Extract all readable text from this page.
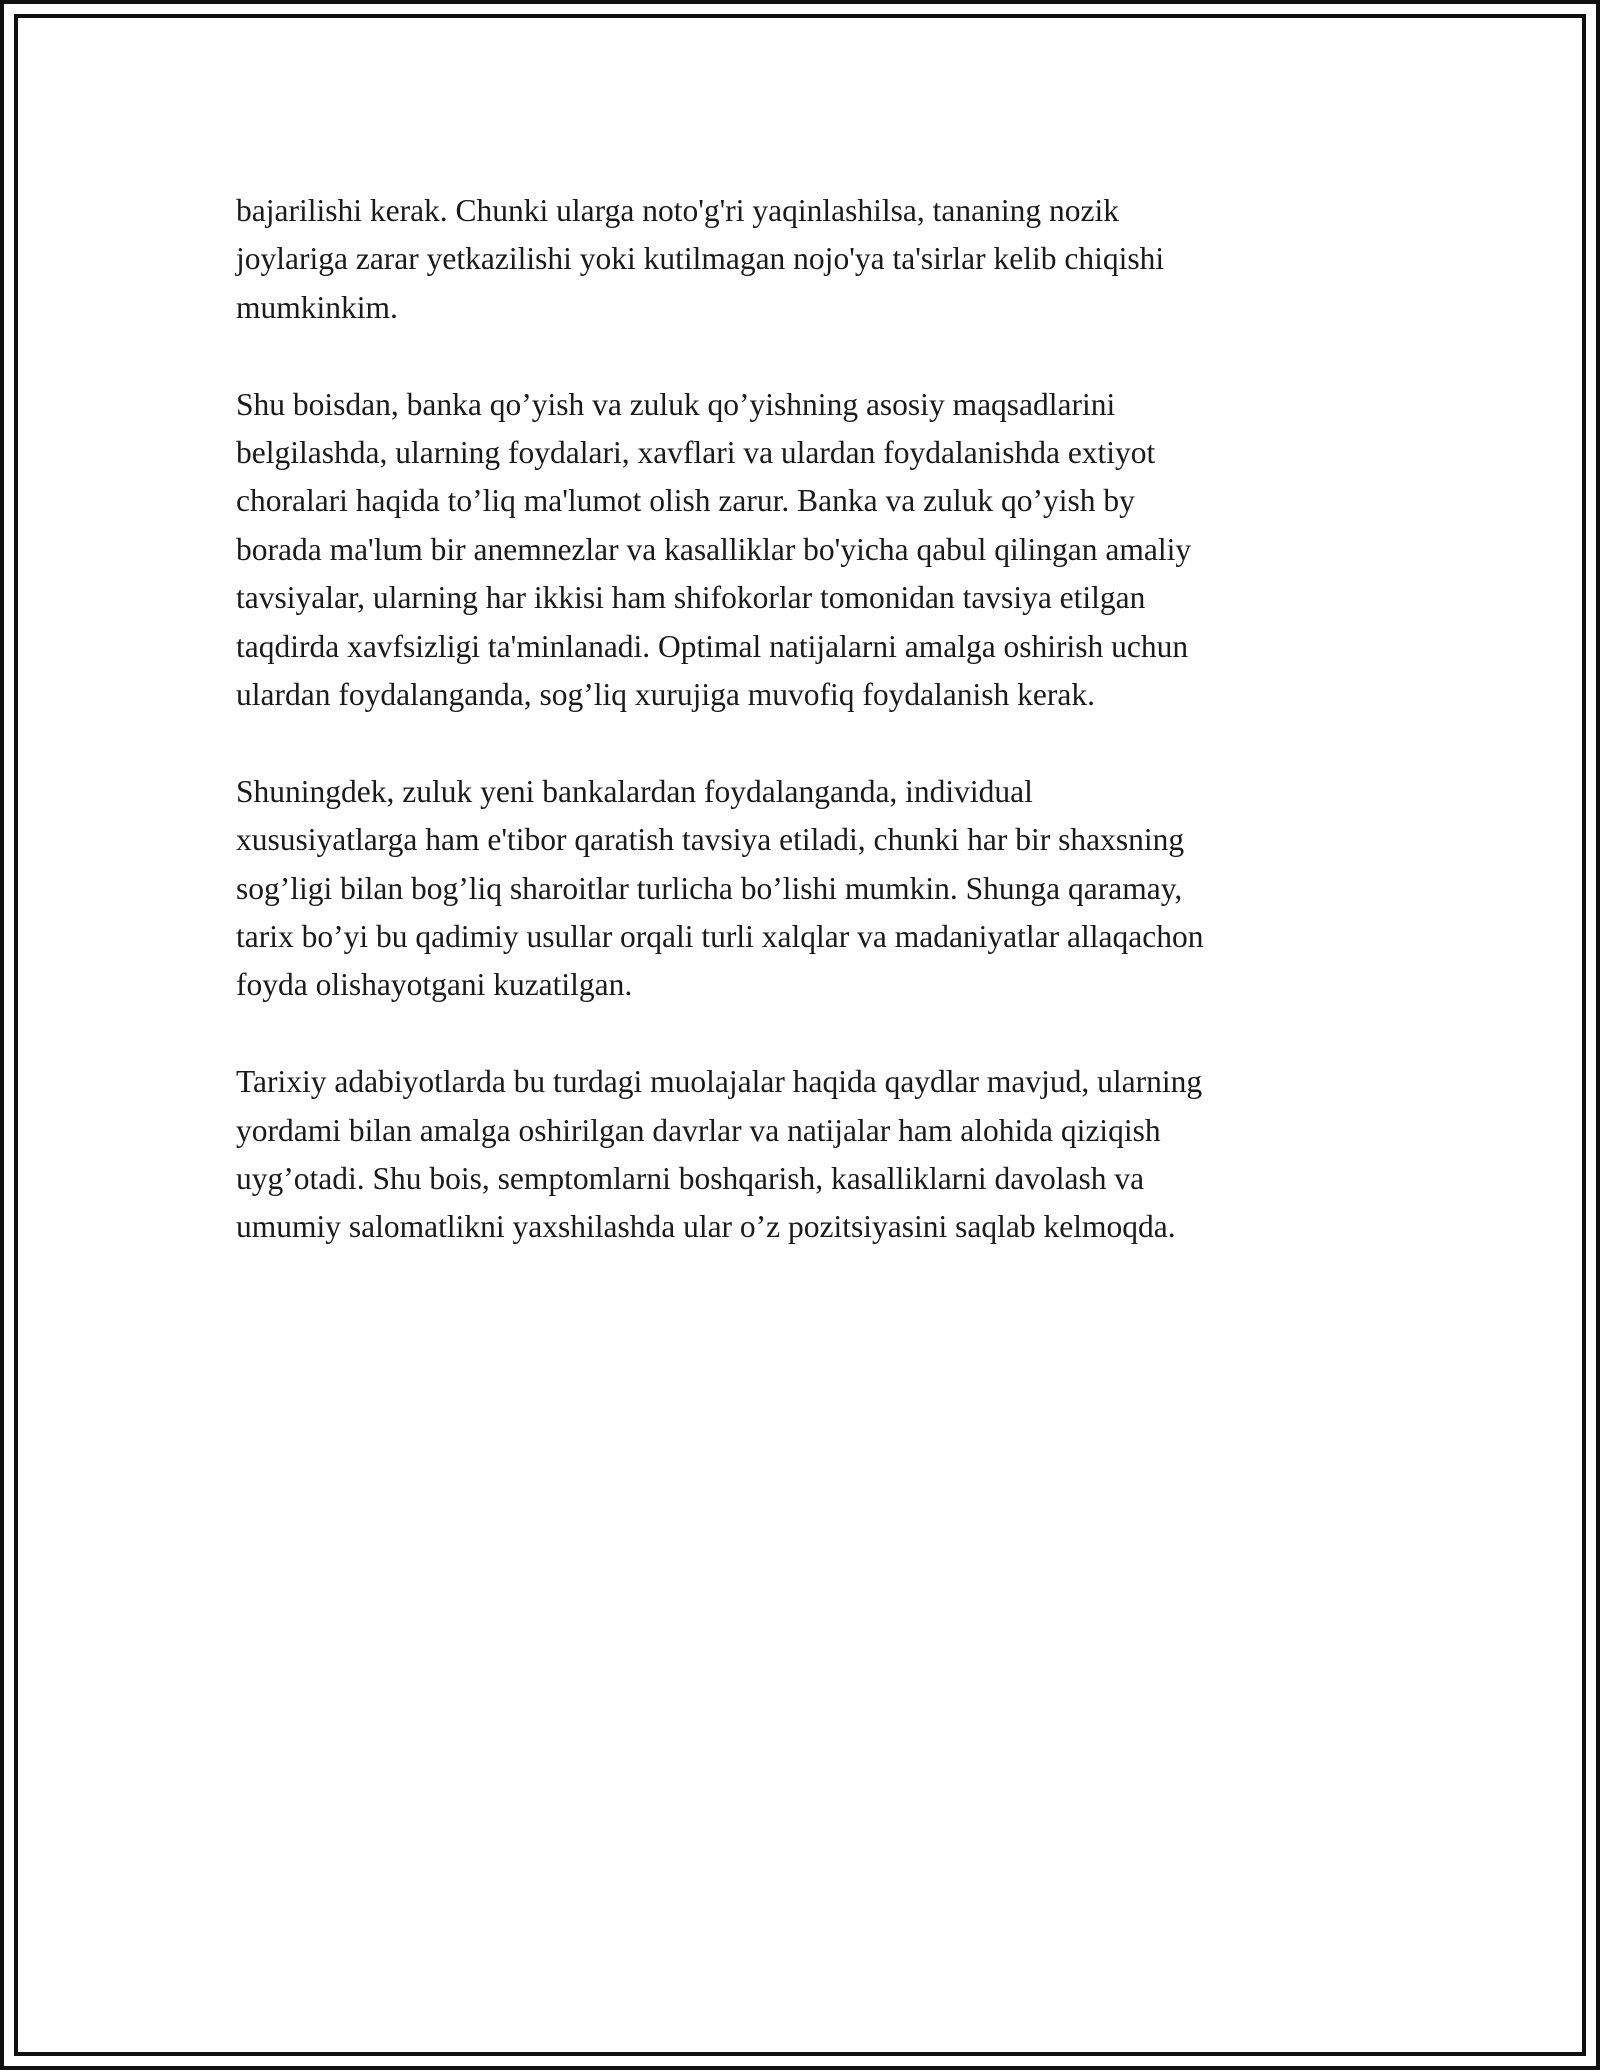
bajarilishi kerak. Chunki ularga noto'g'ri yaqinlashilsa, tananing nozik
joylariga zarar yetkazilishi yoki kutilmagan nojo'ya ta'sirlar kelib chiqishi
mumkinkim.

Shu boisdan, banka qo’yish va zuluk qo’yishning asosiy maqsadlarini
belgilashda, ularning foydalari, xavflari va ulardan foydalanishda extiyot
choralari haqida to’liq ma'lumot olish zarur. Banka va zuluk qo’yish by
borada ma'lum bir anemnezlar va kasalliklar bo'yicha qabul qilingan amaliy
tavsiyalar, ularning har ikkisi ham shifokorlar tomonidan tavsiya etilgan
taqdirda xavfsizligi ta'minlanadi. Optimal natijalarni amalga oshirish uchun
ulardan foydalanganda, sog’liq xurujiga muvofiq foydalanish kerak.

Shuningdek, zuluk yeni bankalardan foydalanganda, individual
xususiyatlarga ham e'tibor qaratish tavsiya etiladi, chunki har bir shaxsning
sog’ligi bilan bog’liq sharoitlar turlicha bo’lishi mumkin. Shunga qaramay,
tarix bo’yi bu qadimiy usullar orqali turli xalqlar va madaniyatlar allaqachon
foyda olishayotgani kuzatilgan.

Tarixiy adabiyotlarda bu turdagi muolajalar haqida qaydlar mavjud, ularning
yordami bilan amalga oshirilgan davrlar va natijalar ham alohida qiziqish
uyg’otadi. Shu bois, semptomlarni boshqarish, kasalliklarni davolash va
umumiy salomatlikni yaxshilashda ular o’z pozitsiyasini saqlab kelmoqda.
